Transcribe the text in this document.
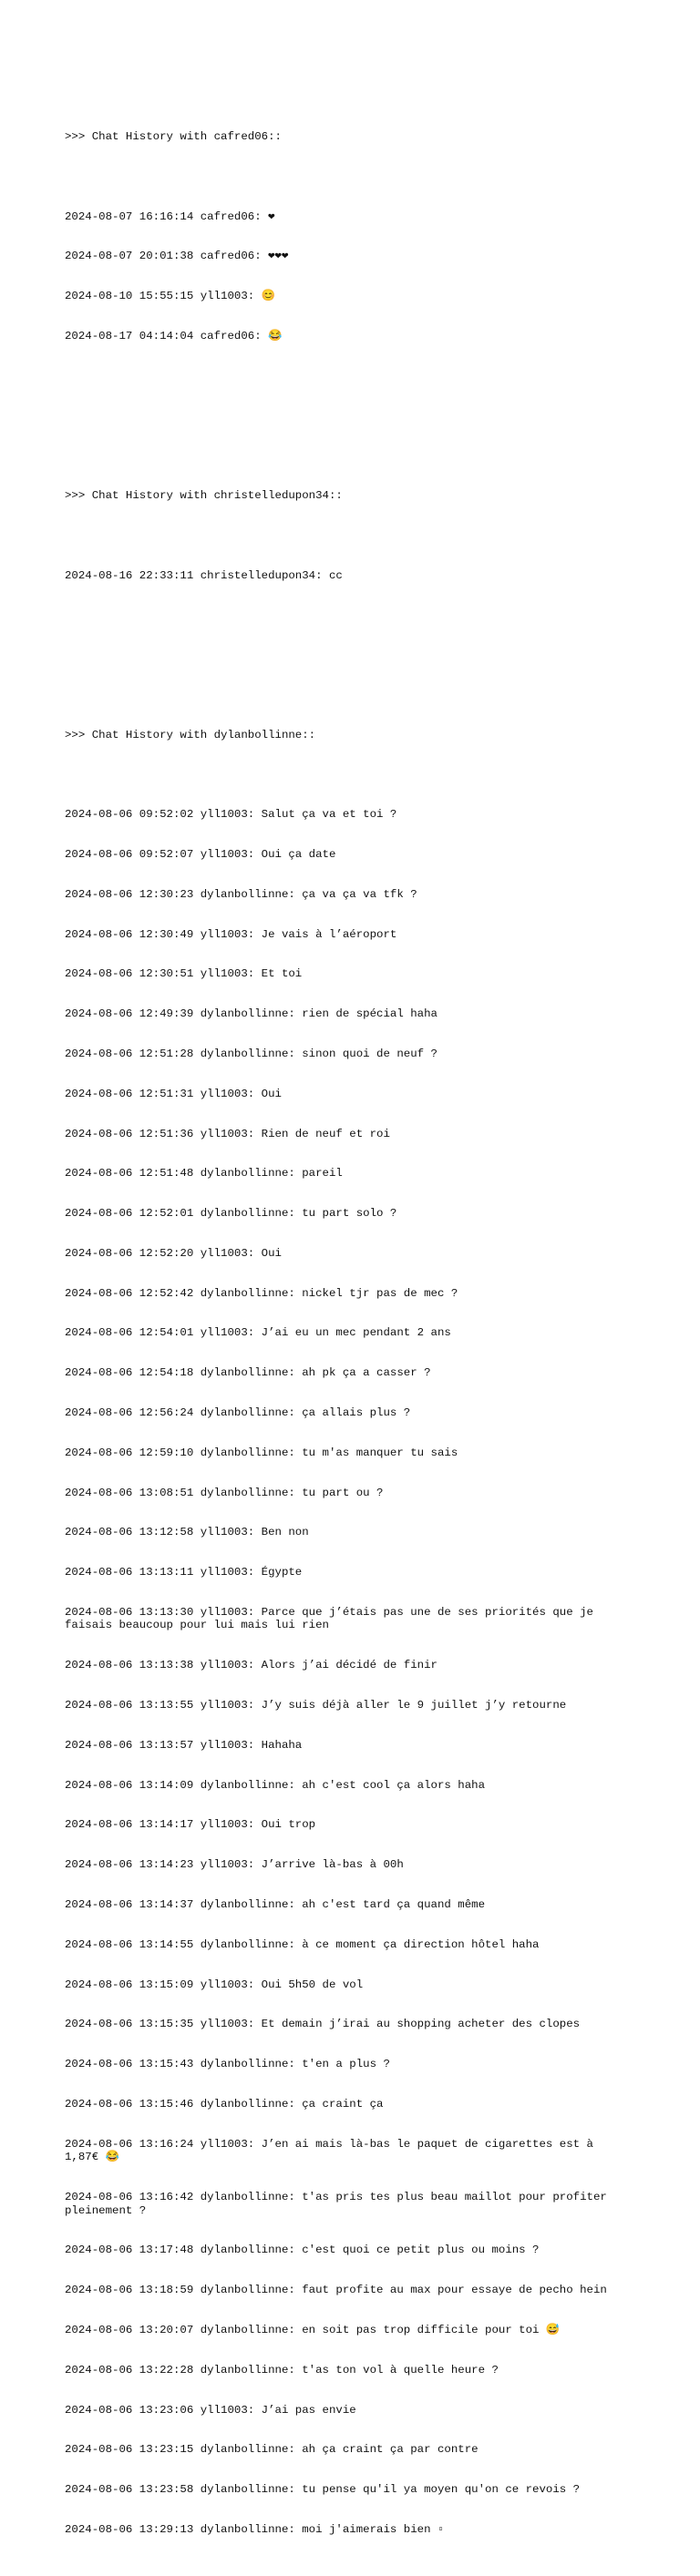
>>> Chat History with cafred06::

2024-08-07 16:16:14 cafred06: ❤

2024-08-07 20:01:38 cafred06: ❤❤❤

2024-08-10 15:55:15 yll1003: 😊

2024-08-17 04:14:04 cafred06: 😂

>>> Chat History with christelledupon34::

2024-08-16 22:33:11 christelledupon34: cc

>>> Chat History with dylanbollinne::

2024-08-06 09:52:02 yll1003: Salut ça va et toi ?

2024-08-06 09:52:07 yll1003: Oui ça date

2024-08-06 12:30:23 dylanbollinne: ça va ça va tfk ?

2024-08-06 12:30:49 yll1003: Je vais à l’aéroport

2024-08-06 12:30:51 yll1003: Et toi

2024-08-06 12:49:39 dylanbollinne: rien de spécial haha

2024-08-06 12:51:28 dylanbollinne: sinon quoi de neuf ?

2024-08-06 12:51:31 yll1003: Oui

2024-08-06 12:51:36 yll1003: Rien de neuf et roi

2024-08-06 12:51:48 dylanbollinne: pareil

2024-08-06 12:52:01 dylanbollinne: tu part solo ?

2024-08-06 12:52:20 yll1003: Oui

2024-08-06 12:52:42 dylanbollinne: nickel tjr pas de mec ?

2024-08-06 12:54:01 yll1003: J’ai eu un mec pendant 2 ans

2024-08-06 12:54:18 dylanbollinne: ah pk ça a casser ?

2024-08-06 12:56:24 dylanbollinne: ça allais plus ?

2024-08-06 12:59:10 dylanbollinne: tu m'as manquer tu sais

2024-08-06 13:08:51 dylanbollinne: tu part ou ?

2024-08-06 13:12:58 yll1003: Ben non

2024-08-06 13:13:11 yll1003: Égypte

2024-08-06 13:13:30 yll1003: Parce que j’étais pas une de ses priorités que je faisais beaucoup pour lui mais lui rien

2024-08-06 13:13:38 yll1003: Alors j’ai décidé de finir

2024-08-06 13:13:55 yll1003: J’y suis déjà aller le 9 juillet j’y retourne

2024-08-06 13:13:57 yll1003: Hahaha

2024-08-06 13:14:09 dylanbollinne: ah c'est cool ça alors haha

2024-08-06 13:14:17 yll1003: Oui trop

2024-08-06 13:14:23 yll1003: J’arrive là-bas à 00h

2024-08-06 13:14:37 dylanbollinne: ah c'est tard ça quand même

2024-08-06 13:14:55 dylanbollinne: à ce moment ça direction hôtel haha

2024-08-06 13:15:09 yll1003: Oui 5h50 de vol

2024-08-06 13:15:35 yll1003: Et demain j’irai au shopping acheter des clopes

2024-08-06 13:15:43 dylanbollinne: t'en a plus ?

2024-08-06 13:15:46 dylanbollinne: ça craint ça

2024-08-06 13:16:24 yll1003: J’en ai mais là-bas le paquet de cigarettes est à 1,87€ 😂

2024-08-06 13:16:42 dylanbollinne: t'as pris tes plus beau maillot pour profiter pleinement ?

2024-08-06 13:17:48 dylanbollinne: c'est quoi ce petit plus ou moins ?

2024-08-06 13:18:59 dylanbollinne: faut profite au max pour essaye de pecho hein

2024-08-06 13:20:07 dylanbollinne: en soit pas trop difficile pour toi 😅

2024-08-06 13:22:28 dylanbollinne: t'as ton vol à quelle heure ?

2024-08-06 13:23:06 yll1003: J’ai pas envie

2024-08-06 13:23:15 dylanbollinne: ah ça craint ça par contre

2024-08-06 13:23:58 dylanbollinne: tu pense qu'il ya moyen qu'on ce revois ?

2024-08-06 13:29:13 dylanbollinne: moi j'aimerais bien ▫
